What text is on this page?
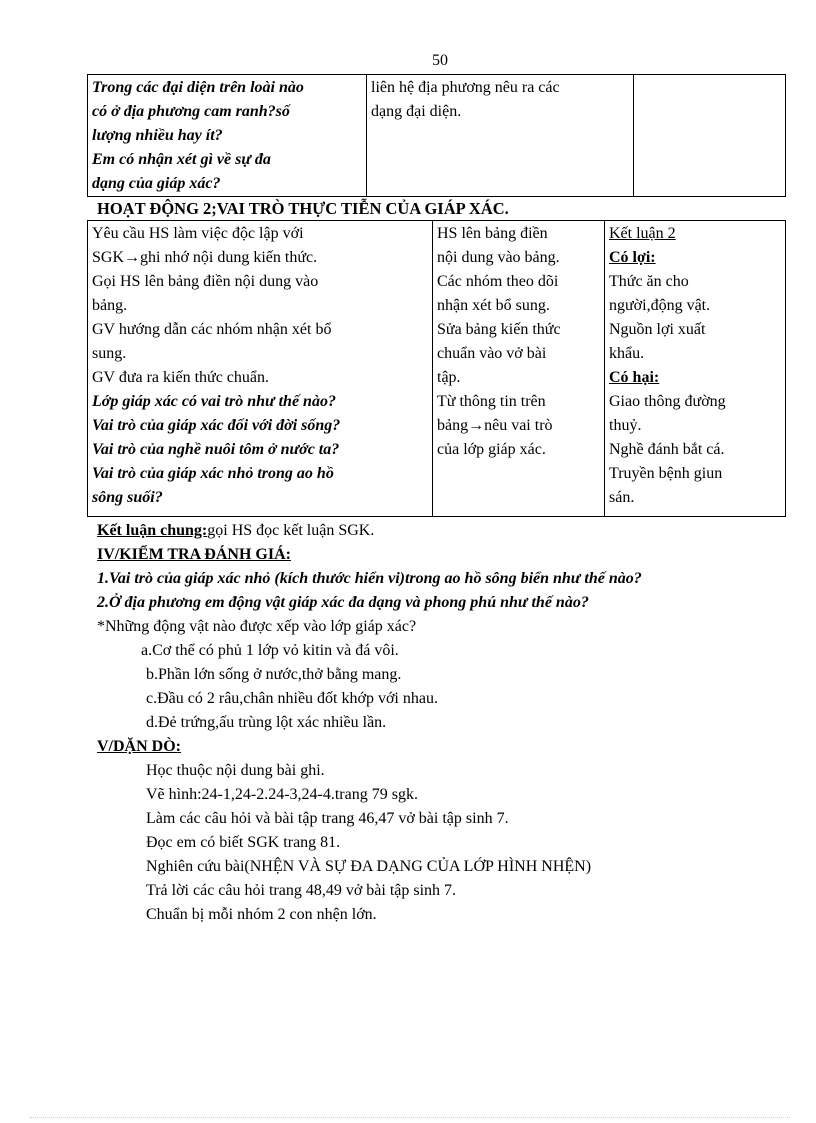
50
Trong các đại diện trên loài nào
có ở địa phương cam ranh?số
lượng nhiều hay ít?
Em có nhận xét gì về sự đa
dạng của giáp xác?

liên hệ địa phương nêu ra các
dạng đại diện.

HOẠT ĐỘNG 2;VAI TRÒ THỰC TIỄN CỦA GIÁP XÁC.
Yêu cầu HS làm việc độc lập với
SGK→ghi nhớ nội dung kiến thức.
Gọi HS lên bảng điền nội dung vào
bảng.
GV hướng dẫn các nhóm nhận xét bổ
sung.
GV đưa ra kiến thức chuẩn.
Lớp giáp xác có vai trò như thế nào?
Vai trò của giáp xác đối với đời sống?
Vai trò của nghề nuôi tôm ở nước ta?
Vai trò của giáp xác nhỏ trong ao hồ
sông suối?

HS lên bảng điền
nội dung vào bảng.
Các nhóm theo dõi
nhận xét bổ sung.
Sửa bảng kiến thức
chuẩn vào vở bài
tập.
Từ thông tin trên
bảng→nêu vai trò
của lớp giáp xác.

Kết luận 2
Có lợi:
Thức ăn cho
người,động vật.
Nguồn lợi xuất
khẩu.
Có hại:
Giao thông đường
thuỷ.
Nghề đánh bắt cá.
Truyền bệnh giun
sán.
Kết luận chung:gọi HS đọc kết luận SGK.
IV/KIỂM TRA ĐÁNH GIÁ:
1.Vai trò của giáp xác nhỏ (kích thước hiển vi)trong ao hồ sông biển như thế nào?
2.Ở địa phương em động vật giáp xác đa dạng và phong phú như thế nào?
*Những động vật nào được xếp vào lớp giáp xác?
a.Cơ thể có phủ 1 lớp vỏ kitin và đá vôi.
b.Phần lớn sống ở nước,thở bằng mang.
c.Đầu có 2 râu,chân nhiều đốt khớp với nhau.
d.Đẻ trứng,ấu trùng lột xác nhiều lần.
V/DẶN DÒ:
Học thuộc nội dung bài ghi.
Vẽ hình:24-1,24-2.24-3,24-4.trang 79 sgk.
Làm các câu hỏi và bài tập trang 46,47 vở bài tập sinh 7.
Đọc em có biết SGK trang 81.
Nghiên cứu bài(NHỆN VÀ SỰ ĐA DẠNG CỦA LỚP HÌNH NHỆN)
Trả lời các câu hỏi trang 48,49 vở bài tập sinh 7.
Chuẩn bị mỗi nhóm 2 con nhện lớn.
